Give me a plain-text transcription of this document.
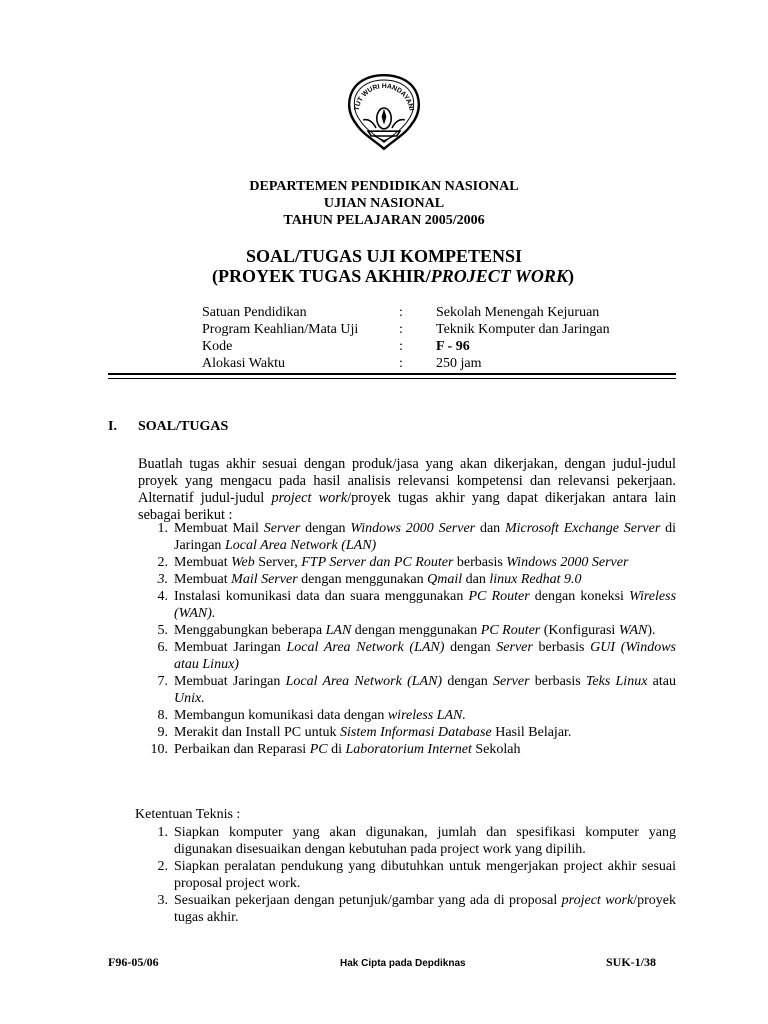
TUT WURI HANDAYANI
DEPARTEMEN PENDIDIKAN NASIONAL
UJIAN NASIONAL
TAHUN PELAJARAN 2005/2006
SOAL/TUGAS UJI KOMPETENSI
(PROYEK TUGAS AKHIR/PROJECT WORK)
Satuan Pendidikan	:	Sekolah Menengah Kejuruan
Program Keahlian/Mata Uji	:	Teknik Komputer dan Jaringan
Kode	:	F - 96
Alokasi Waktu	:	250 jam
I. SOAL/TUGAS
Buatlah tugas akhir sesuai dengan produk/jasa yang akan dikerjakan, dengan judul-judul proyek yang mengacu pada hasil analisis relevansi kompetensi dan relevansi pekerjaan. Alternatif judul-judul project work/proyek tugas akhir yang dapat dikerjakan antara lain sebagai berikut :
1. Membuat Mail Server dengan Windows 2000 Server dan Microsoft Exchange Server di Jaringan Local Area Network (LAN)
2. Membuat Web Server, FTP Server dan PC Router berbasis Windows 2000 Server
3. Membuat Mail Server dengan menggunakan Qmail dan linux Redhat 9.0
4. Instalasi komunikasi data dan suara menggunakan PC Router dengan koneksi Wireless (WAN).
5. Menggabungkan beberapa LAN dengan menggunakan PC Router (Konfigurasi WAN).
6. Membuat Jaringan Local Area Network (LAN) dengan Server berbasis GUI (Windows atau Linux)
7. Membuat Jaringan Local Area Network (LAN) dengan Server berbasis Teks Linux atau Unix.
8. Membangun komunikasi data dengan wireless LAN.
9. Merakit dan Install PC untuk Sistem Informasi Database Hasil Belajar.
10. Perbaikan dan Reparasi PC di Laboratorium Internet Sekolah
Ketentuan Teknis :
1. Siapkan komputer yang akan digunakan, jumlah dan spesifikasi komputer yang digunakan disesuaikan dengan kebutuhan pada project work yang dipilih.
2. Siapkan peralatan pendukung yang dibutuhkan untuk mengerjakan project akhir sesuai proposal project work.
3. Sesuaikan pekerjaan dengan petunjuk/gambar yang ada di proposal project work/proyek tugas akhir.
F96-05/06	Hak Cipta pada Depdiknas	SUK-1/38
